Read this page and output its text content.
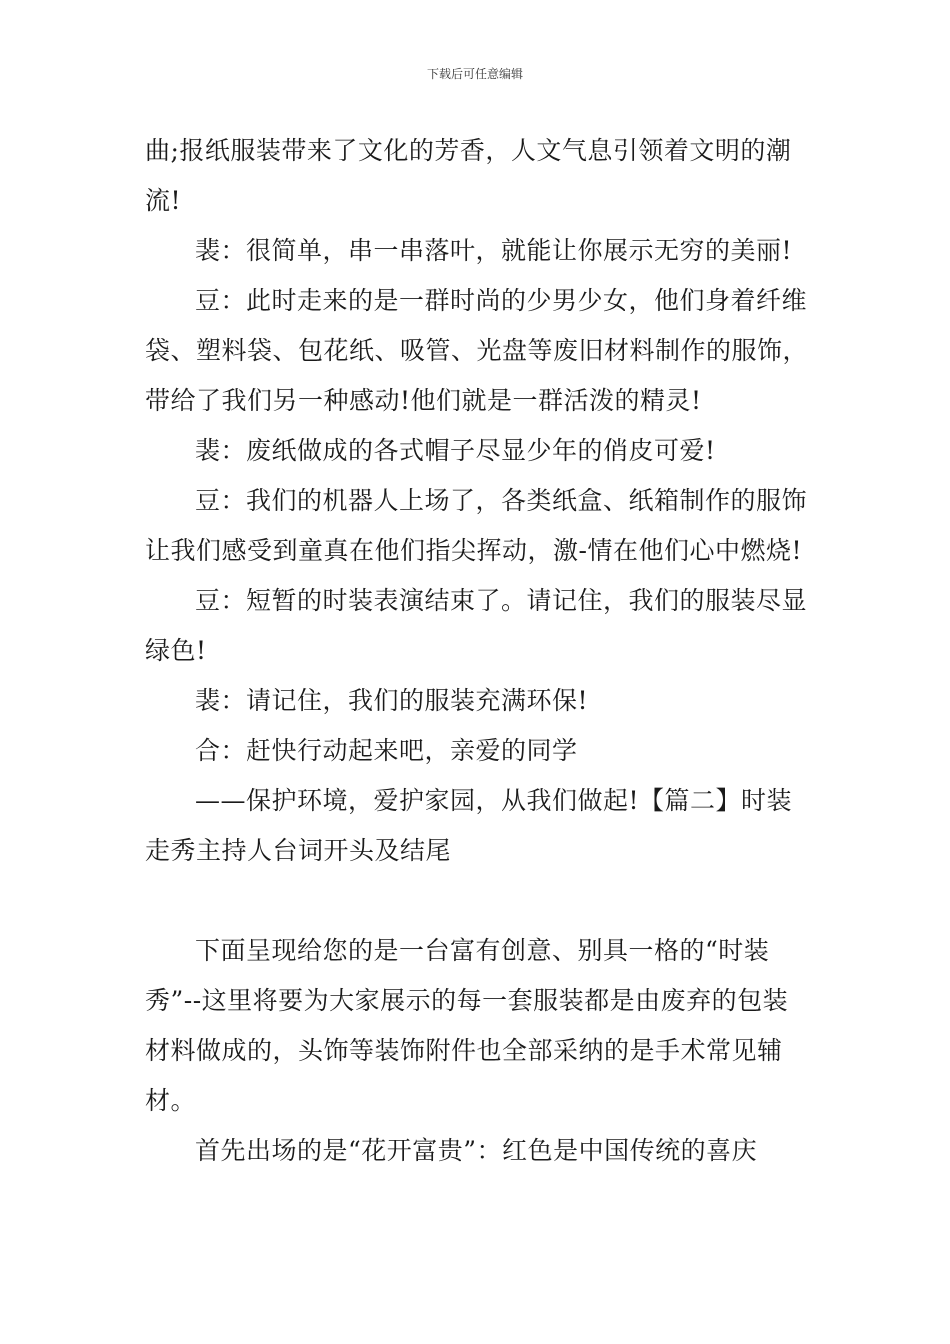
下载后可任意编辑

曲;报纸服装带来了文化的芳香，人文气息引领着文明的潮流!

裴：很简单，串一串落叶，就能让你展示无穷的美丽!

豆：此时走来的是一群时尚的少男少女，他们身着纤维袋、塑料袋、包花纸、吸管、光盘等废旧材料制作的服饰，带给了我们另一种感动!他们就是一群活泼的精灵!

裴：废纸做成的各式帽子尽显少年的俏皮可爱!

豆：我们的机器人上场了，各类纸盒、纸箱制作的服饰让我们感受到童真在他们指尖挥动，激-情在他们心中燃烧!

豆：短暂的时装表演结束了。请记住，我们的服装尽显绿色!

裴：请记住，我们的服装充满环保!

合：赶快行动起来吧，亲爱的同学

——保护环境，爱护家园，从我们做起!【篇二】时装走秀主持人台词开头及结尾

下面呈现给您的是一台富有创意、别具一格的“时装秀”--这里将要为大家展示的每一套服装都是由废弃的包装材料做成的，头饰等装饰附件也全部采纳的是手术常见辅材。

首先出场的是“花开富贵”：红色是中国传统的喜庆
